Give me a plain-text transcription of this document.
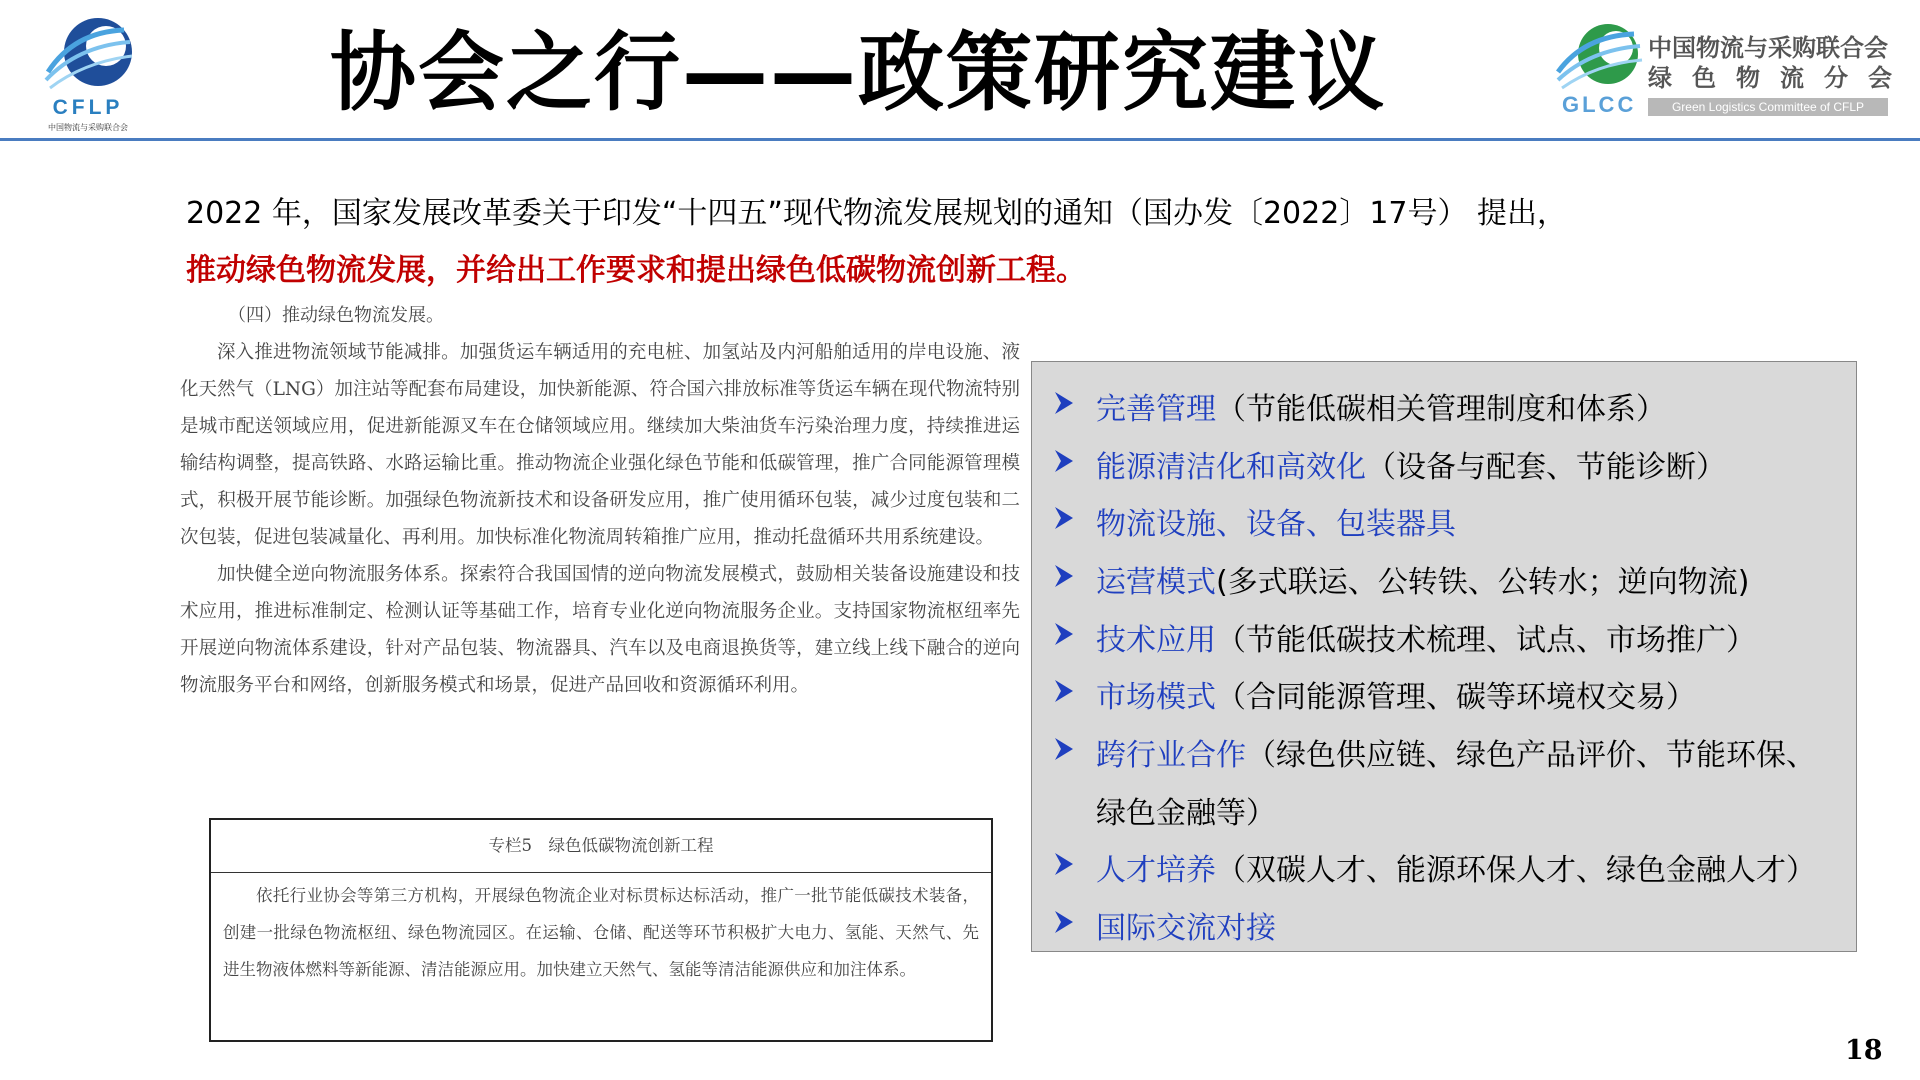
CFLP
中国物流与采购联合会
协会之行——政策研究建议	GLCC
中国物流与采购联合会
绿色物流分会
Green Logistics Committee of CFLP
2022 年，国家发展改革委关于印发“十四五”现代物流发展规划的通知（国办发〔2022〕17号） 提出，
推动绿色物流发展，并给出工作要求和提出绿色低碳物流创新工程。
（四）推动绿色物流发展。

深入推进物流领域节能减排。加强货运车辆适用的充电桩、加氢站及内河船舶适用的岸电设施、液化天然气（LNG）加注站等配套布局建设，加快新能源、符合国六排放标准等货运车辆在现代物流特别是城市配送领域应用，促进新能源叉车在仓储领域应用。继续加大柴油货车污染治理力度，持续推进运输结构调整，提高铁路、水路运输比重。推动物流企业强化绿色节能和低碳管理，推广合同能源管理模式，积极开展节能诊断。加强绿色物流新技术和设备研发应用，推广使用循环包装，减少过度包装和二次包装，促进包装减量化、再利用。加快标准化物流周转箱推广应用，推动托盘循环共用系统建设。

加快健全逆向物流服务体系。探索符合我国国情的逆向物流发展模式，鼓励相关装备设施建设和技术应用，推进标准制定、检测认证等基础工作，培育专业化逆向物流服务企业。支持国家物流枢纽率先开展逆向物流体系建设，针对产品包装、物流器具、汽车以及电商退换货等，建立线上线下融合的逆向物流服务平台和网络，创新服务模式和场景，促进产品回收和资源循环利用。

专栏5　绿色低碳物流创新工程

依托行业协会等第三方机构，开展绿色物流企业对标贯标达标活动，推广一批节能低碳技术装备，创建一批绿色物流枢纽、绿色物流园区。在运输、仓储、配送等环节积极扩大电力、氢能、天然气、先进生物液体燃料等新能源、清洁能源应用。加快建立天然气、氢能等清洁能源供应和加注体系。

完善管理（节能低碳相关管理制度和体系）
能源清洁化和高效化（设备与配套、节能诊断）
物流设施、设备、包装器具
运营模式(多式联运、公转铁、公转水；逆向物流)
技术应用（节能低碳技术梳理、试点、市场推广）
市场模式（合同能源管理、碳等环境权交易）
跨行业合作（绿色供应链、绿色产品评价、节能环保、
绿色金融等）
人才培养（双碳人才、能源环保人才、绿色金融人才）
国际交流对接
18
